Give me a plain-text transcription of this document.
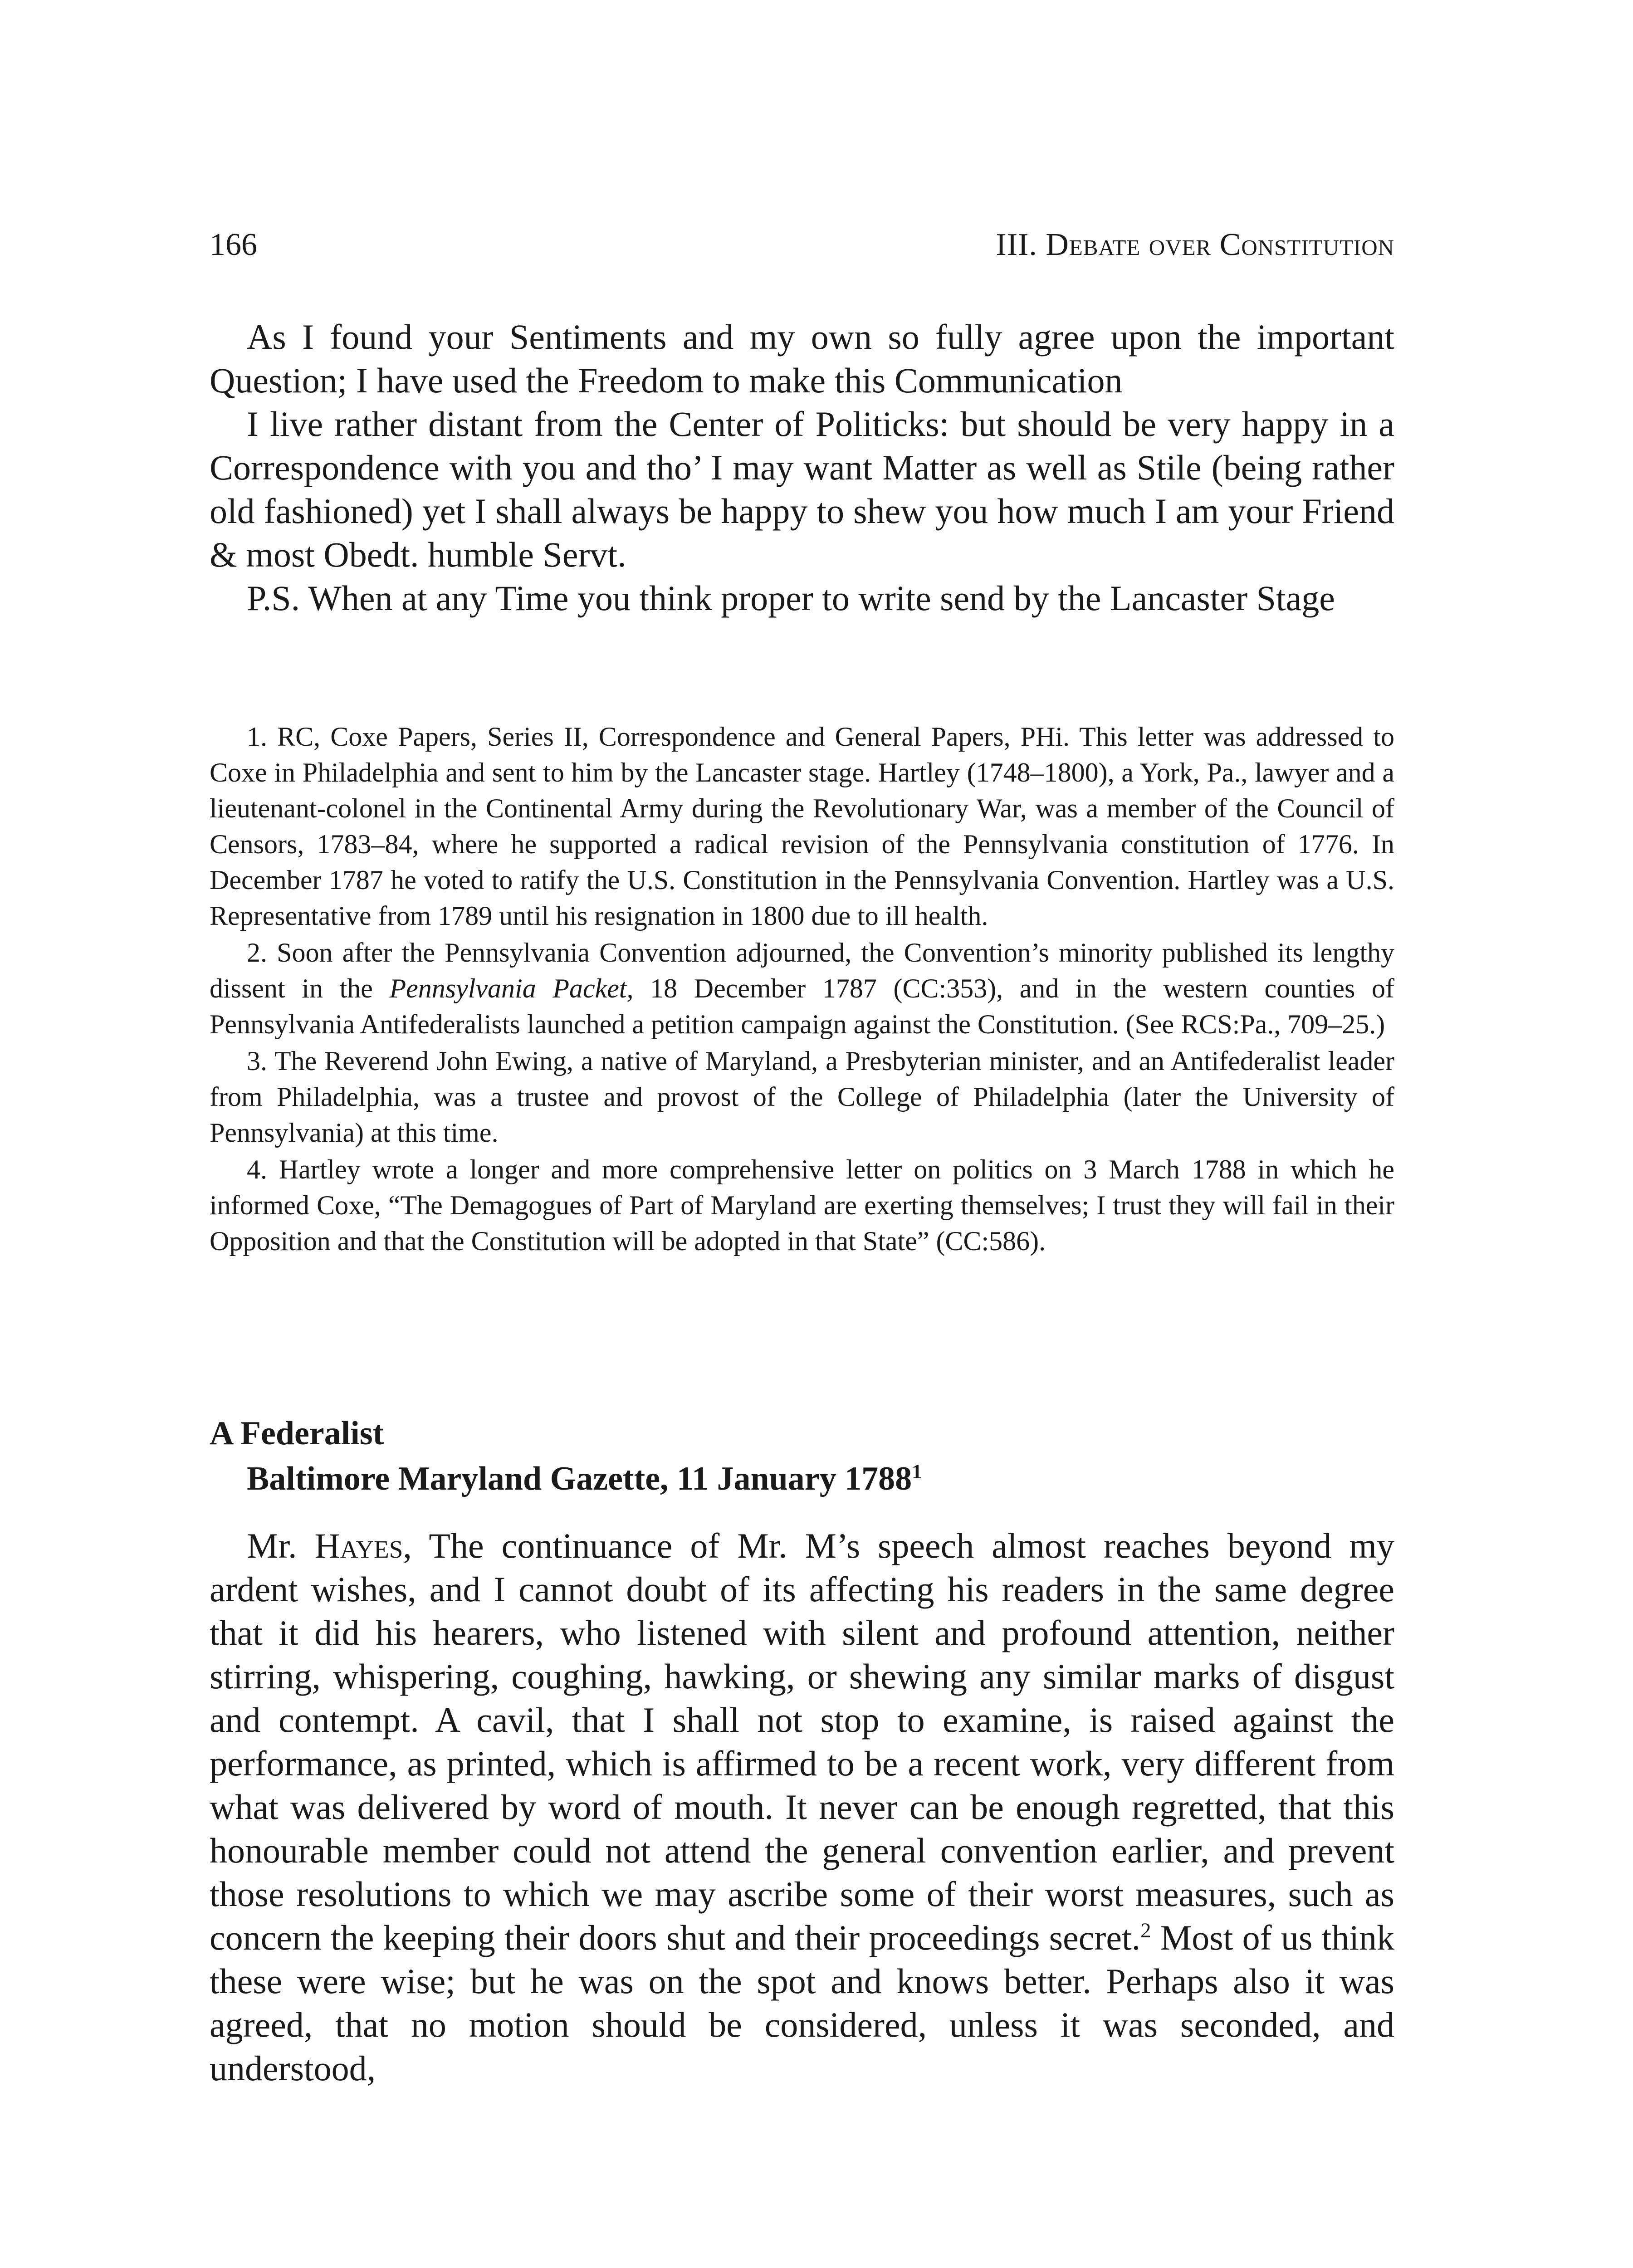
166	III. Debate over Constitution

As I found your Sentiments and my own so fully agree upon the important Question; I have used the Freedom to make this Communication

I live rather distant from the Center of Politicks: but should be very happy in a Correspondence with you and tho’ I may want Matter as well as Stile (being rather old fashioned) yet I shall always be happy to shew you how much I am your Friend & most Obedt. humble Servt.

P.S. When at any Time you think proper to write send by the Lancaster Stage

1. RC, Coxe Papers, Series II, Correspondence and General Papers, PHi. This letter was addressed to Coxe in Philadelphia and sent to him by the Lancaster stage. Hartley (1748–1800), a York, Pa., lawyer and a lieutenant-colonel in the Continental Army during the Revolutionary War, was a member of the Council of Censors, 1783–84, where he supported a radical revision of the Pennsylvania constitution of 1776. In December 1787 he voted to ratify the U.S. Constitution in the Pennsylvania Convention. Hartley was a U.S. Representative from 1789 until his resignation in 1800 due to ill health.

2. Soon after the Pennsylvania Convention adjourned, the Convention’s minority published its lengthy dissent in the Pennsylvania Packet, 18 December 1787 (CC:353), and in the western counties of Pennsylvania Antifederalists launched a petition campaign against the Constitution. (See RCS:Pa., 709–25.)

3. The Reverend John Ewing, a native of Maryland, a Presbyterian minister, and an Antifederalist leader from Philadelphia, was a trustee and provost of the College of Philadelphia (later the University of Pennsylvania) at this time.

4. Hartley wrote a longer and more comprehensive letter on politics on 3 March 1788 in which he informed Coxe, “The Demagogues of Part of Maryland are exerting themselves; I trust they will fail in their Opposition and that the Constitution will be adopted in that State” (CC:586).

A Federalist
Baltimore Maryland Gazette, 11 January 1788$^1$

Mr. Hayes, The continuance of Mr. M’s speech almost reaches beyond my ardent wishes, and I cannot doubt of its affecting his readers in the same degree that it did his hearers, who listened with silent and profound attention, neither stirring, whispering, coughing, hawking, or shewing any similar marks of disgust and contempt. A cavil, that I shall not stop to examine, is raised against the performance, as printed, which is affirmed to be a recent work, very different from what was delivered by word of mouth. It never can be enough regretted, that this honourable member could not attend the general convention earlier, and prevent those resolutions to which we may ascribe some of their worst measures, such as concern the keeping their doors shut and their proceedings secret.$^2$ Most of us think these were wise; but he was on the spot and knows better. Perhaps also it was agreed, that no motion should be considered, unless it was seconded, and understood,
